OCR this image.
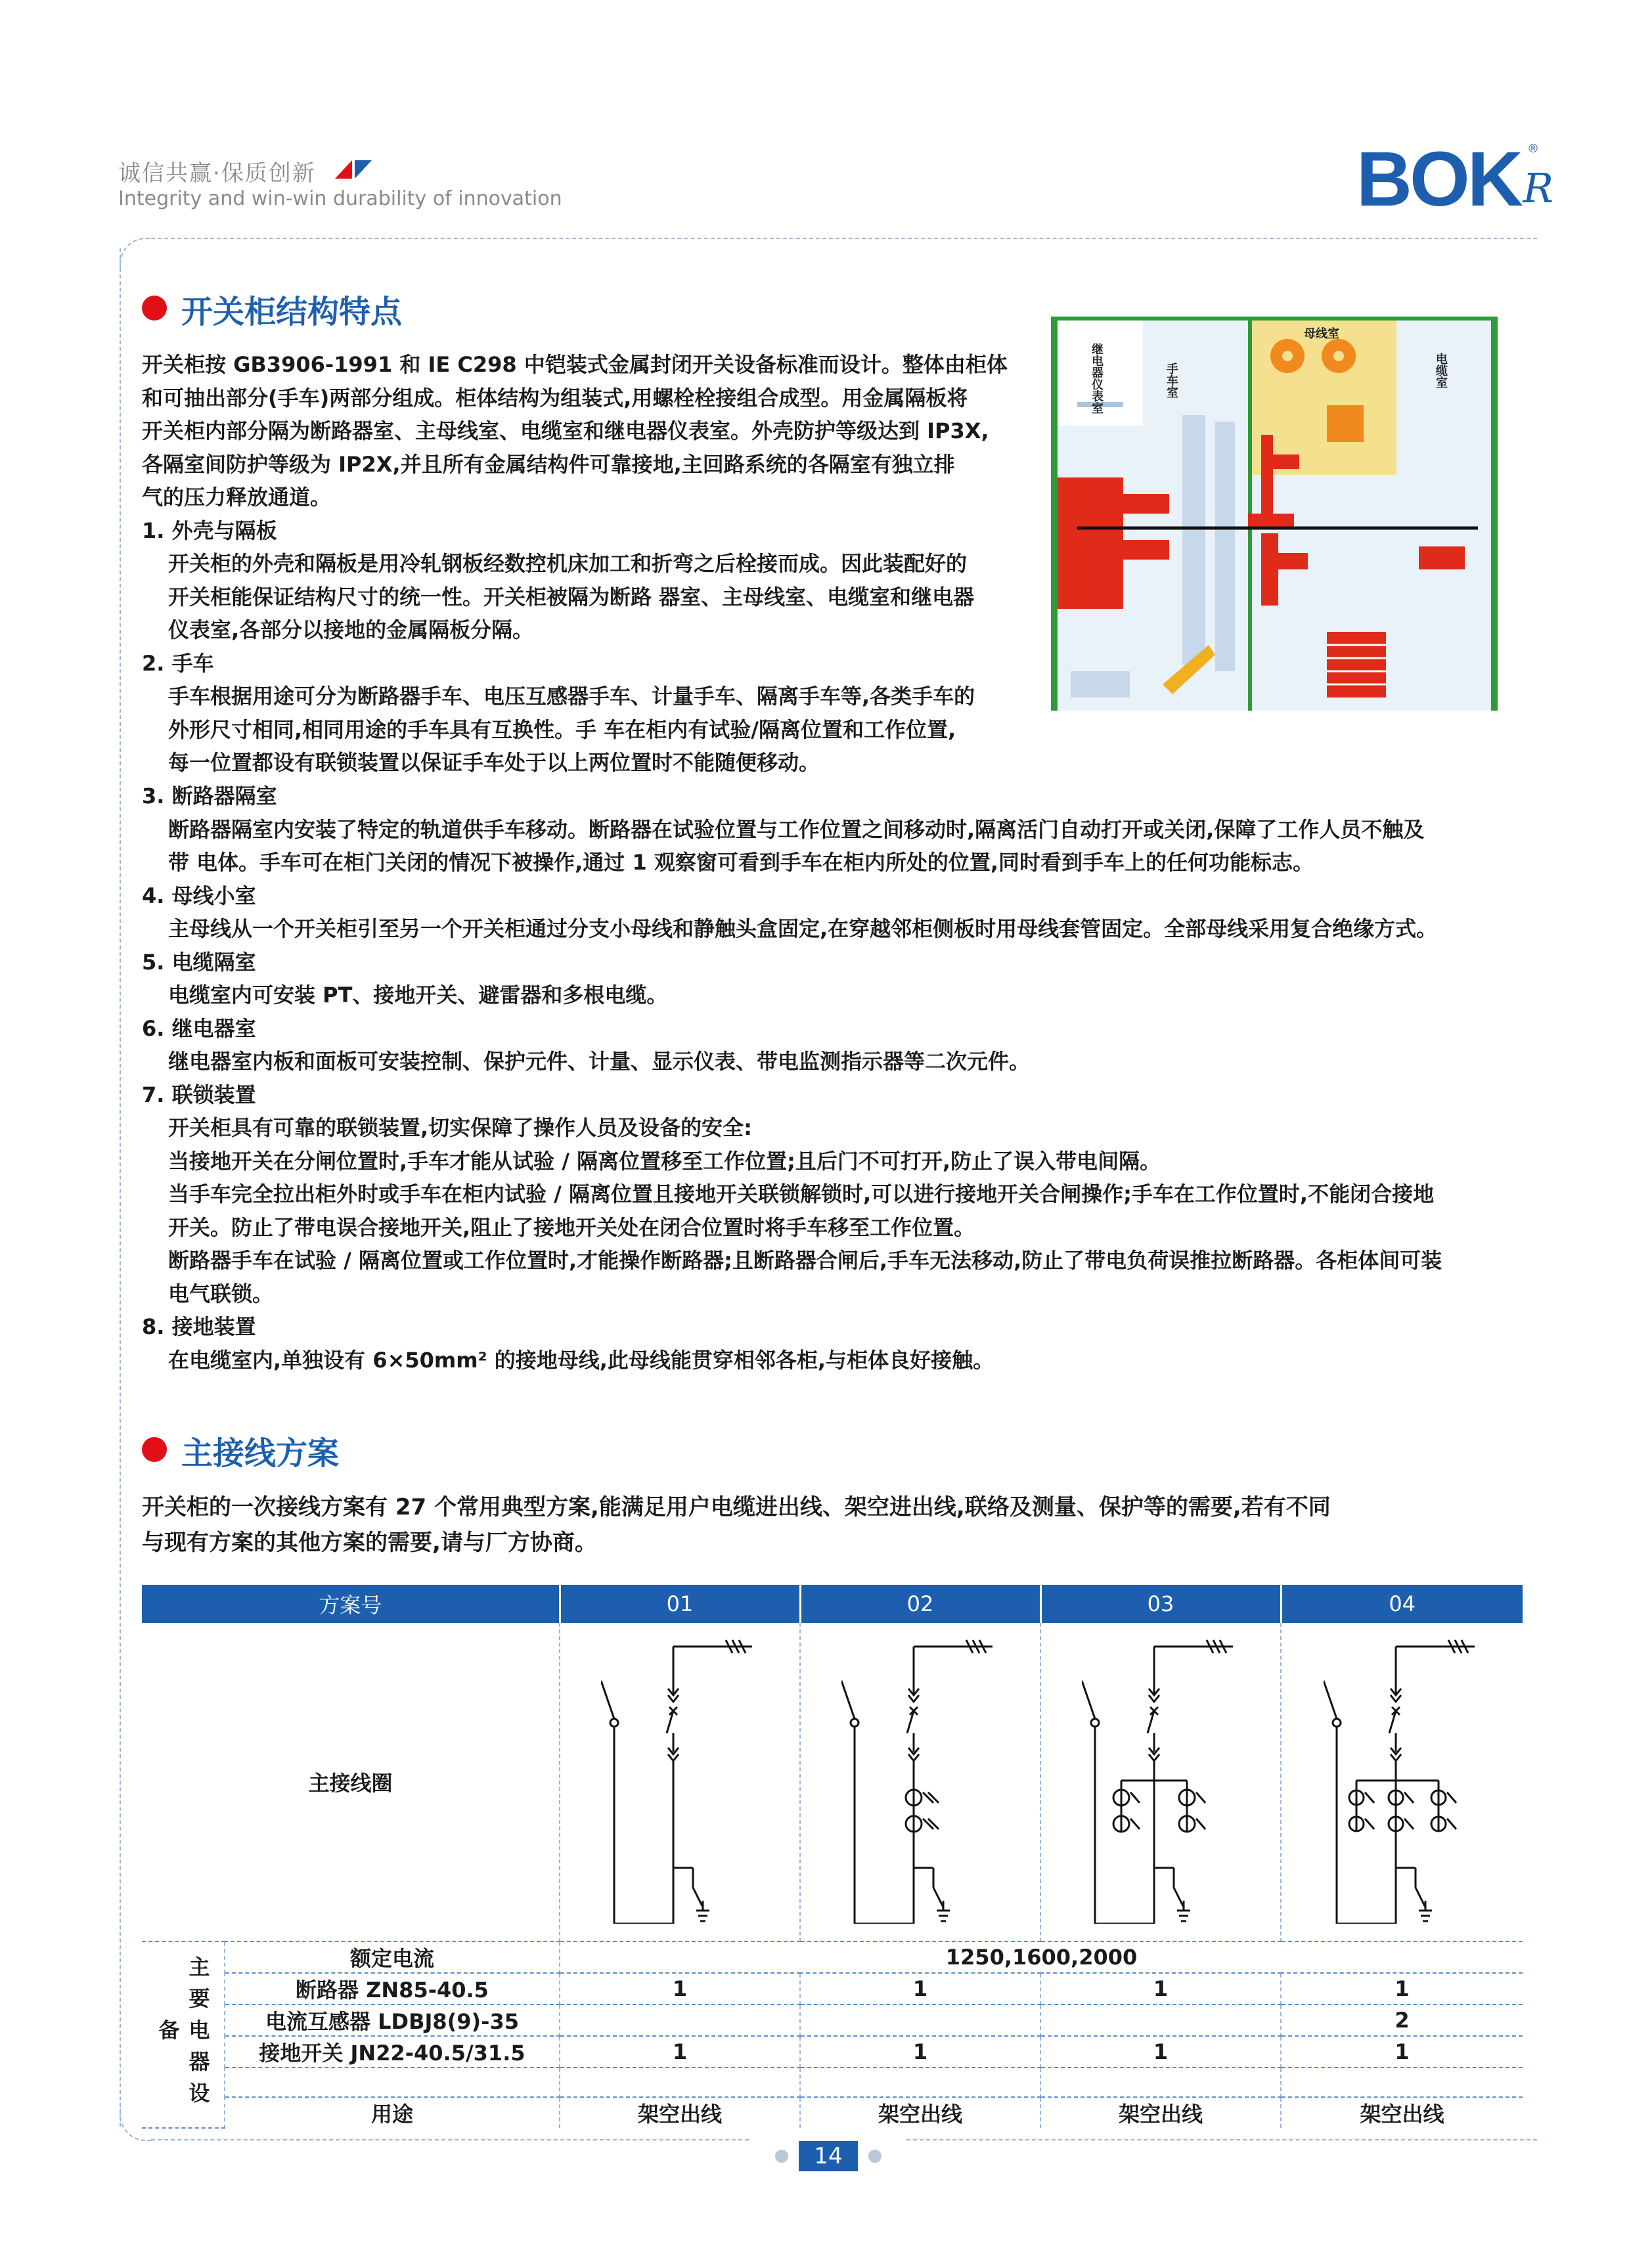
诚信共赢·保质创新
Integrity and win-win durability of innovation	BOK R
®
开关柜结构特点

开关柜按 GB3906-1991 和 IE C298 中铠装式金属封闭开关设备标准而设计。整体由柜体

和可抽出部分(手车)两部分组成。柜体结构为组装式,用螺栓栓接组合成型。用金属隔板将

开关柜内部分隔为断路器室、主母线室、电缆室和继电器仪表室。外壳防护等级达到 IP3X,

各隔室间防护等级为 IP2X,并且所有金属结构件可靠接地,主回路系统的各隔室有独立排

气的压力释放通道。

1. 外壳与隔板

开关柜的外壳和隔板是用冷轧钢板经数控机床加工和折弯之后栓接而成。因此装配好的

开关柜能保证结构尺寸的统一性。开关柜被隔为断路 器室、主母线室、电缆室和继电器

仪表室,各部分以接地的金属隔板分隔。

2. 手车

手车根据用途可分为断路器手车、电压互感器手车、计量手车、隔离手车等,各类手车的

外形尺寸相同,相同用途的手车具有互换性。手 车在柜内有试验/隔离位置和工作位置,

每一位置都设有联锁装置以保证手车处于以上两位置时不能随便移动。

3. 断路器隔室

断路器隔室内安装了特定的轨道供手车移动。断路器在试验位置与工作位置之间移动时,隔离活门自动打开或关闭,保障了工作人员不触及

带 电体。手车可在柜门关闭的情况下被操作,通过 1 观察窗可看到手车在柜内所处的位置,同时看到手车上的任何功能标志。

4. 母线小室

主母线从一个开关柜引至另一个开关柜通过分支小母线和静触头盒固定,在穿越邻柜侧板时用母线套管固定。全部母线采用复合绝缘方式。

5. 电缆隔室

电缆室内可安装 PT、接地开关、避雷器和多根电缆。

6. 继电器室

继电器室内板和面板可安装控制、保护元件、计量、显示仪表、带电监测指示器等二次元件。

7. 联锁装置

开关柜具有可靠的联锁装置,切实保障了操作人员及设备的安全:

当接地开关在分闸位置时,手车才能从试验 / 隔离位置移至工作位置;且后门不可打开,防止了误入带电间隔。

当手车完全拉出柜外时或手车在柜内试验 / 隔离位置且接地开关联锁解锁时,可以进行接地开关合闸操作;手车在工作位置时,不能闭合接地

开关。防止了带电误合接地开关,阻止了接地开关处在闭合位置时将手车移至工作位置。

断路器手车在试验 / 隔离位置或工作位置时,才能操作断路器;且断路器合闸后,手车无法移动,防止了带电负荷误推拉断路器。各柜体间可装

电气联锁。

8. 接地装置

在电缆室内,单独设有 6×50mm² 的接地母线,此母线能贯穿相邻各柜,与柜体良好接触。

继电器仪表室	手车室
母线室
电缆室
主接线方案

开关柜的一次接线方案有 27 个常用典型方案,能满足用户电缆进出线、架空进出线,联络及测量、保护等的需要,若有不同

与现有方案的其他方案的需要,请与厂方协商。

方案号		01	02	03	04
主接线圈				
主要电器设备	额定电流	1250,1600,2000			
	断路器 ZN85-40.5	1	1	1	1
	电流互感器 LDBJ8(9)-35				2
	接地开关 JN22-40.5/31.5	1	1	1	1

	用途	架空出线	架空出线	架空出线	架空出线
14
